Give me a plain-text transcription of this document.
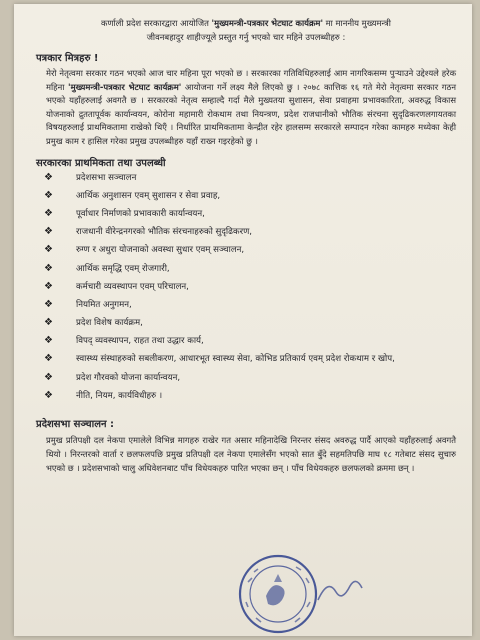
कर्णाली प्रदेश सरकारद्वारा आयोजित 'मुख्यमन्त्री-पत्रकार भेटघाट कार्यक्रम' मा माननीय मुख्यमन्त्री
जीवनबहादुर शाहीज्यूले प्रस्तुत गर्नु भएको चार महिने उपलब्धीहरु :
पत्रकार मित्रहरु !

मेरो नेतृत्वमा सरकार गठन भएको आज चार महिना पूरा भएको छ । सरकारका गतिविधिहरुलाई आम नागरिकसम्म पुऱ्याउने उद्देश्यले हरेक महिना 'मुख्यमन्त्री-पत्रकार भेटघाट कार्यक्रम' आयोजना गर्ने लक्ष्य मैले लिएको छु । २०७८ कात्तिक १६ गते मेरो नेतृत्वमा सरकार गठन भएको यहाँहरुलाई अवगतै छ । सरकारको नेतृत्व सम्हाल्दै गर्दा मैले मुख्यतया सुशासन, सेवा प्रवाहमा प्रभावकारिता, अवरुद्ध विकास योजनाको द्रुततापूर्वक कार्यान्वयन, कोरोना महामारी रोकथाम तथा नियन्त्रण, प्रदेश राजधानीको भौतिक संरचना सुदृढिकरणलगायतका विषयहरुलाई प्राथमिकतामा राखेको थिएँ । निर्धारित प्राथमिकतामा केन्द्रीत रहेर हालसम्म सरकारले सम्पादन गरेका कामहरु मध्येका केही प्रमुख काम र हासिल गरेका प्रमुख उपलब्धीहरु यहाँ राख्न गइरहेको छु ।

सरकारका प्राथमिकता तथा उपलब्धी
❖	प्रदेशसभा सञ्चालन
❖	आर्थिक अनुशासन एवम् सुशासन र सेवा प्रवाह,
❖	पूर्वाधार निर्माणको प्रभावकारी कार्यान्वयन,
❖	राजधानी वीरेन्द्रनगरको भौतिक संरचनाहरुको सुदृढिकरण,
❖	रुग्ण र अधुरा योजनाको अवस्था सुधार एवम् सञ्चालन,
❖	आर्थिक समृद्धि एवम् रोजगारी,
❖	कर्मचारी व्यवस्थापन एवम् परिचालन,
❖	नियमित अनुगमन,
❖	प्रदेश विशेष कार्यक्रम,
❖	विपद् व्यवस्थापन, राहत तथा उद्धार कार्य,
❖	स्वास्थ्य संस्थाहरुको सबलीकरण, आधारभूत स्वास्थ्य सेवा, कोभिड प्रतिकार्य एवम् प्रदेश रोकथाम र खोप,
❖	प्रदेश गौरवको योजना कार्यान्वयन,
❖	नीति, नियम, कार्यविधीहरु ।
प्रदेशसभा सञ्चालन :

प्रमुख प्रतिपक्षी दल नेकपा एमालेले विभिन्न मागहरु राखेर गत असार महिनादेखि निरन्तर संसद अवरुद्ध पार्दै आएको यहाँहरुलाई अवगतै थियो । निरन्तरको वार्ता र छलफलपछि प्रमुख प्रतिपक्षी दल नेकपा एमालेसँग भएको सात बुँदे सहमतिपछि माघ १८ गतेबाट संसद सुचारु भएको छ । प्रदेशसभाको चालु अधिवेशनबाट पाँच विधेयकहरु पारित भएका छन् । पाँच विधेयकहरु छलफलको क्रममा छन् ।
